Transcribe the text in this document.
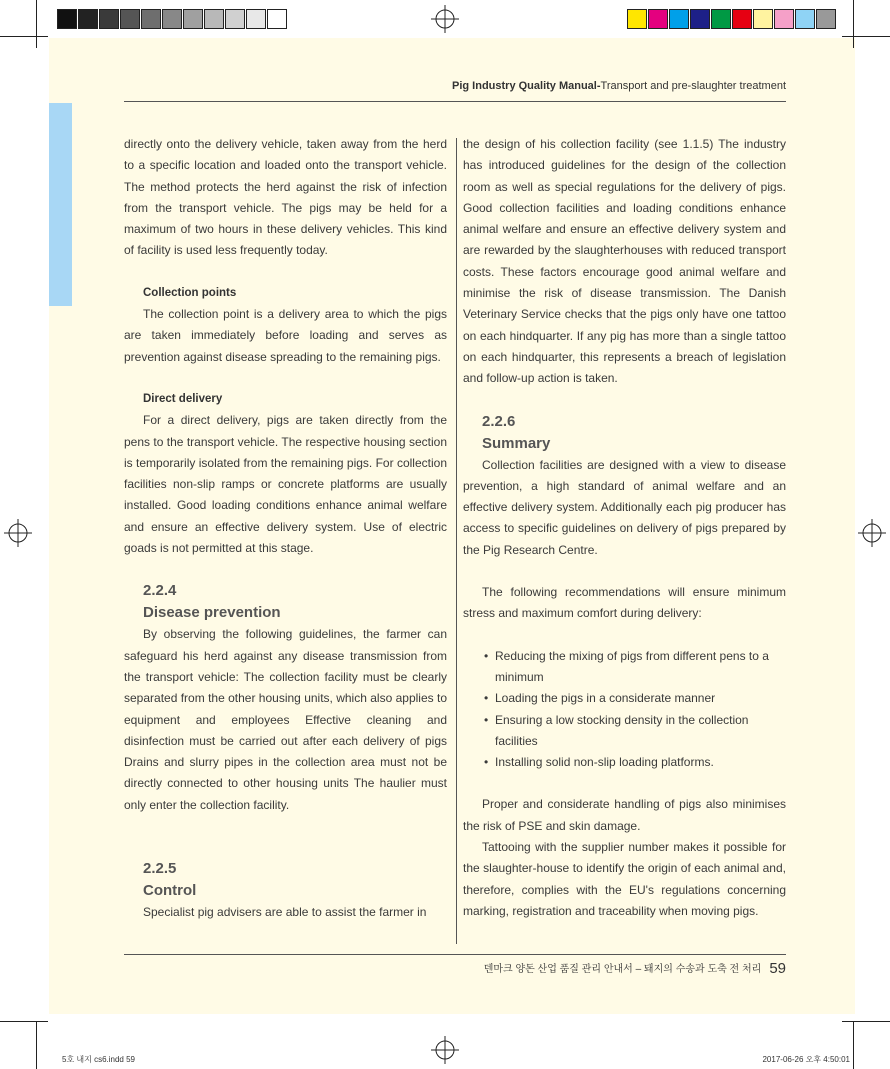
Pig Industry Quality Manual-Transport and pre-slaughter treatment

directly onto the delivery vehicle, taken away from the herd to a specific location and loaded onto the transport vehicle. The method protects the herd against the risk of infection from the transport vehicle. The pigs may be held for a maximum of two hours in these delivery vehicles. This kind of facility is used less frequently today.

Collection points

The collection point is a delivery area to which the pigs are taken immediately before loading and serves as prevention against disease spreading to the remaining pigs.

Direct delivery

For a direct delivery, pigs are taken directly from the pens to the transport vehicle. The respective housing section is temporarily isolated from the remaining pigs. For collection facilities non-slip ramps or concrete platforms are usually installed. Good loading conditions enhance animal welfare and ensure an effective delivery system. Use of electric goads is not permitted at this stage.

2.2.4
Disease prevention

By observing the following guidelines, the farmer can safeguard his herd against any disease transmission from the transport vehicle: The collection facility must be clearly separated from the other housing units, which also applies to equipment and employees Effective cleaning and disinfection must be carried out after each delivery of pigs Drains and slurry pipes in the collection area must not be directly connected to other housing units The haulier must only enter the collection facility.

2.2.5
Control

Specialist pig advisers are able to assist the farmer in

the design of his collection facility (see 1.1.5) The industry has introduced guidelines for the design of the collection room as well as special regulations for the delivery of pigs. Good collection facilities and loading conditions enhance animal welfare and ensure an effective delivery system and are rewarded by the slaughterhouses with reduced transport costs. These factors encourage good animal welfare and minimise the risk of disease transmission. The Danish Veterinary Service checks that the pigs only have one tattoo on each hindquarter. If any pig has more than a single tattoo on each hindquarter, this represents a breach of legislation and follow-up action is taken.

2.2.6
Summary

Collection facilities are designed with a view to disease prevention, a high standard of animal welfare and an effective delivery system. Additionally each pig producer has access to specific guidelines on delivery of pigs prepared by the Pig Research Centre.

The following recommendations will ensure minimum stress and maximum comfort during delivery:

• Reducing the mixing of pigs from different pens to a minimum
• Loading the pigs in a considerate manner
• Ensuring a low stocking density in the collection facilities
• Installing solid non-slip loading platforms.

Proper and considerate handling of pigs also minimises the risk of PSE and skin damage.

Tattooing with the supplier number makes it possible for the slaughter-house to identify the origin of each animal and, therefore, complies with the EU's regulations concerning marking, registration and traceability when moving pigs.

덴마크 양돈 산업 품질 관리 안내서 – 돼지의 수송과 도축 전 처리 59
5호 내지 cs6.indd 59	2017-06-26 오후 4:50:01
